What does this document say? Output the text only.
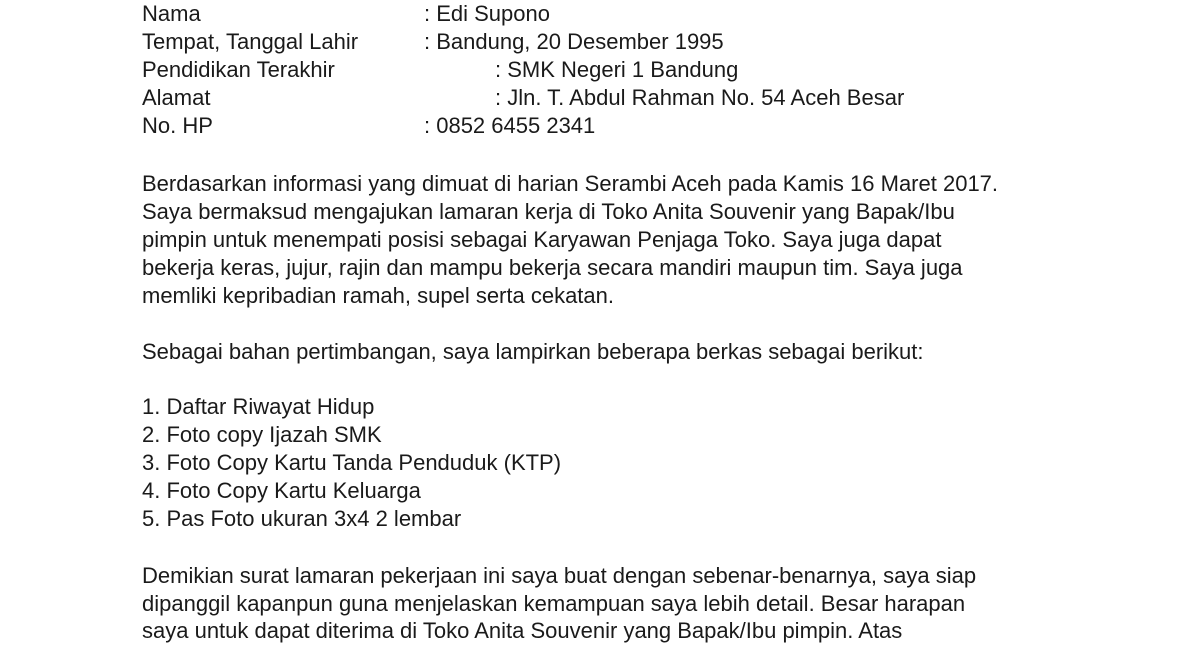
Nama	: Edi Supono

Tempat, Tanggal Lahir	: Bandung, 20 Desember 1995

Pendidikan Terakhir	: SMK Negeri 1 Bandung

Alamat	: Jln. T. Abdul Rahman No. 54 Aceh Besar

No. HP	: 0852 6455 2341

Berdasarkan informasi yang dimuat di harian Serambi Aceh pada Kamis 16 Maret 2017.

Saya bermaksud mengajukan lamaran kerja di Toko Anita Souvenir yang Bapak/Ibu

pimpin untuk menempati posisi sebagai Karyawan Penjaga Toko. Saya juga dapat

bekerja keras, jujur, rajin dan mampu bekerja secara mandiri maupun tim. Saya juga

memliki kepribadian ramah, supel serta cekatan.

Sebagai bahan pertimbangan, saya lampirkan beberapa berkas sebagai berikut:

1. Daftar Riwayat Hidup

2. Foto copy Ijazah SMK

3. Foto Copy Kartu Tanda Penduduk (KTP)

4. Foto Copy Kartu Keluarga

5. Pas Foto ukuran 3x4 2 lembar

Demikian surat lamaran pekerjaan ini saya buat dengan sebenar-benarnya, saya siap

dipanggil kapanpun guna menjelaskan kemampuan saya lebih detail. Besar harapan

saya untuk dapat diterima di Toko Anita Souvenir yang Bapak/Ibu pimpin. Atas
